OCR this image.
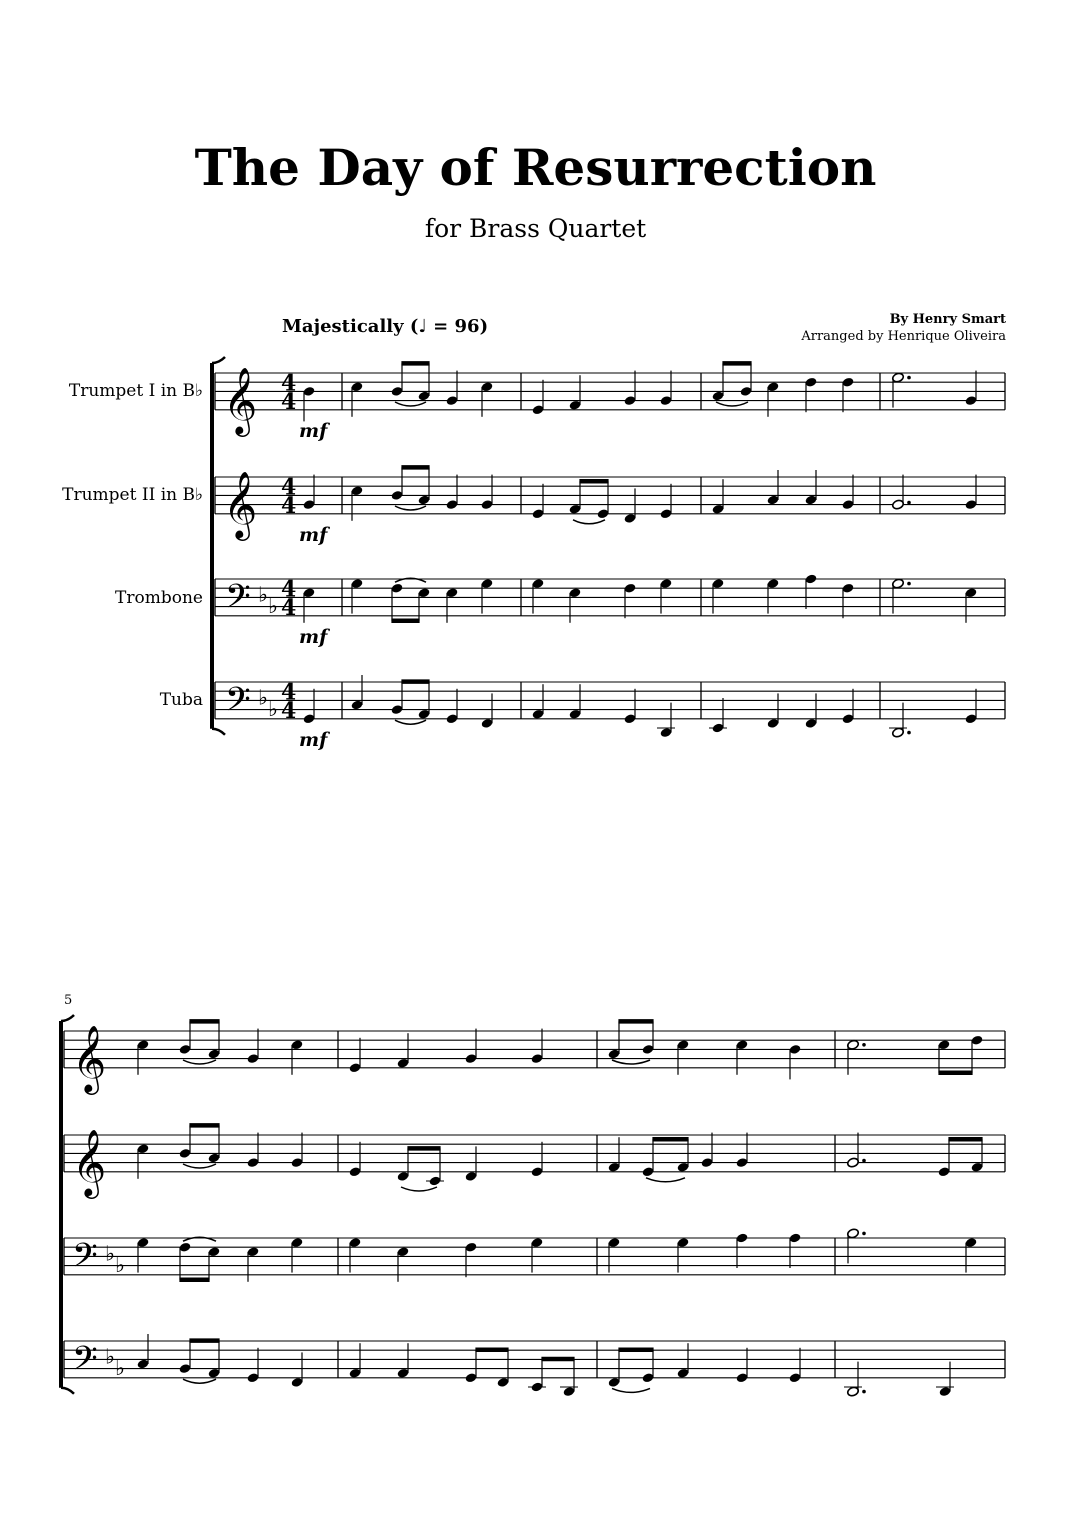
The Day of Resurrection
for Brass Quartet
Majestically (♩ = 96)	By Henry Smart
Arranged by Henrique Oliveira
Trumpet I in B♭
Trumpet II in B♭
Trombone
Tuba
5
𝄞 4
4
𝄞 4
4
𝄢 ♭ ♭
4
4
𝄢 ♭ ♭
4
4
mf
mf
mf
mf
𝄞
𝄞
𝄢 ♭ ♭
𝄢 ♭ ♭
